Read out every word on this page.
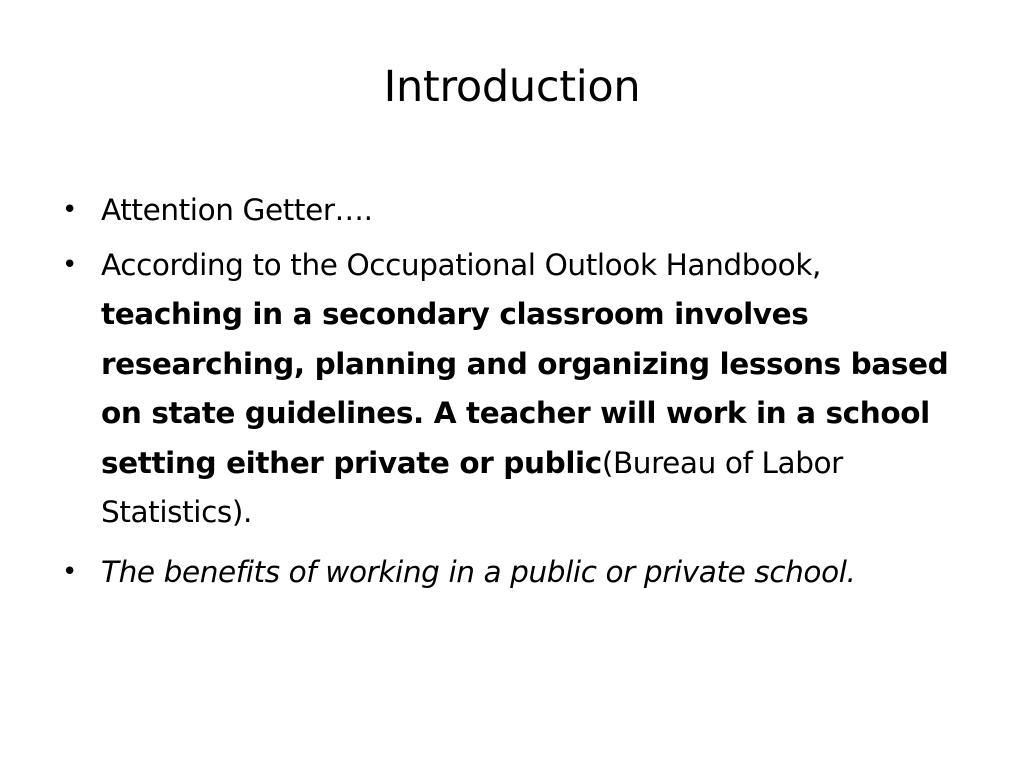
Introduction
• Attention Getter….
• According to the Occupational Outlook Handbook, teaching in a secondary classroom involves researching, planning and organizing lessons based on state guidelines. A teacher will work in a school setting either private or public(Bureau of Labor Statistics).
• The benefits of working in a public or private school.
